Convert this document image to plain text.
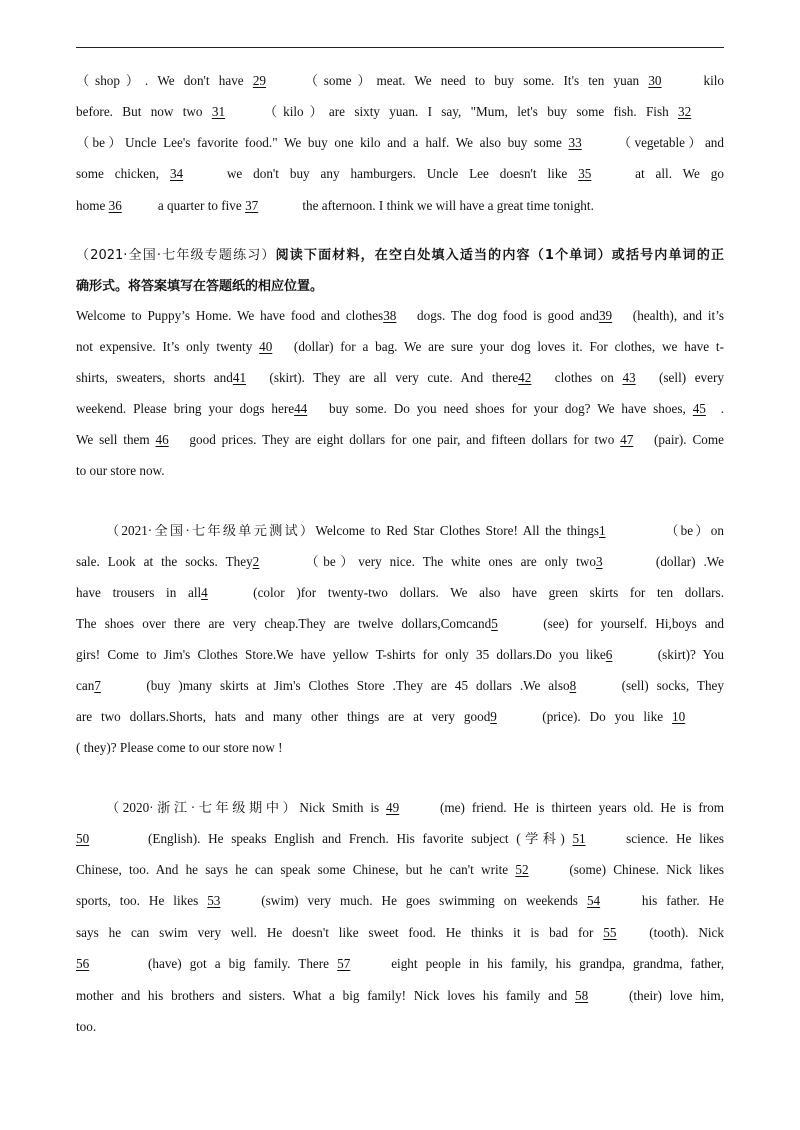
（shop）. We don't have 29 （some）meat. We need to buy some. It's ten yuan 30 kilo
before. But now two 31 （kilo）are sixty yuan. I say, "Mum, let's buy some fish. Fish 32
（be）Uncle Lee's favorite food." We buy one kilo and a half. We also buy some 33 （vegetable）and
some chicken, 34 we don't buy any hamburgers. Uncle Lee doesn't like 35 at all. We go
home 36 a quarter to five 37	the afternoon. I think we will have a great time tonight.
（2021·全国·七年级专题练习）阅读下面材料，在空白处填入适当的内容（1个单词）或括号内单词的正
确形式。将答案填写在答题纸的相应位置。
Welcome to Puppy’s Home. We have food and clothes38 dogs. The dog food is good and39 (health), and it’s
not expensive. It’s only twenty 40 (dollar) for a bag. We are sure your dog loves it. For clothes, we have t-
shirts, sweaters, shorts and41 (skirt). They are all very cute. And there42 clothes on 43 (sell) every
weekend. Please bring your dogs here44 buy some. Do you need shoes for your dog? We have shoes, 45 .
We sell them 46 good prices. They are eight dollars for one pair, and fifteen dollars for two 47 (pair). Come
to our store now.
（2021·全国·七年级单元测试）Welcome to Red Star Clothes Store! All the things1	（be）on
sale. Look at the socks. They2	（be）very nice. The white ones are only two3	(dollar) .We
have trousers in all4	(color )for twenty-two dollars. We also have green skirts for ten dollars.
The shoes over there are very cheap.They are twelve dollars,Comcand5	(see) for yourself. Hi,boys and
girs! Come to Jim's Clothes Store.We have yellow T-shirts for only 35 dollars.Do you like6	(skirt)? You
can7	(buy )many skirts at Jim's Clothes Store .They are 45 dollars .We also8	(sell) socks, They
are two dollars.Shorts, hats and many other things are at very good9	(price). Do you like 10
( they)? Please come to our store now !
（2020·浙江·七年级期中）Nick Smith is 49	(me) friend. He is thirteen years old. He is from
50	(English). He speaks English and French. His favorite subject (学科) 51 science. He likes
Chinese, too. And he says he can speak some Chinese, but he can't write 52	(some) Chinese. Nick likes
sports, too. He likes 53	(swim) very much. He goes swimming on weekends 54 his father. He
says he can swim very well. He doesn't like sweet food. He thinks it is bad for 55 (tooth). Nick
56	(have) got a big family. There 57 eight people in his family, his grandpa, grandma, father,
mother and his brothers and sisters. What a big family! Nick loves his family and 58	(their) love him,
too.
